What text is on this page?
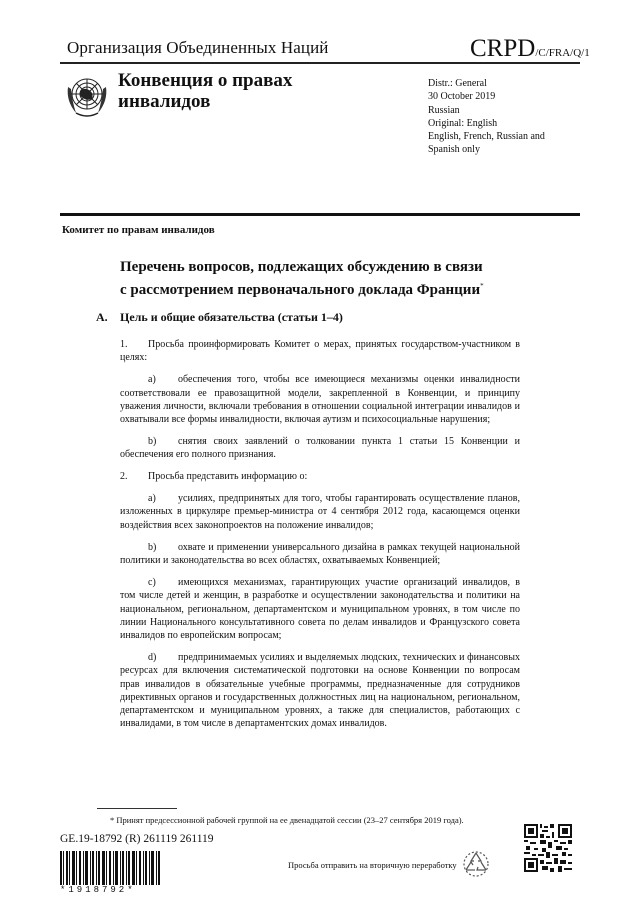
Организация Объединенных Наций	CRPD/C/FRA/Q/1
Конвенция о правах
инвалидов
Distr.: General
30 October 2019
Russian
Original: English
English, French, Russian and
Spanish only
Комитет по правам инвалидов
Перечень вопросов, подлежащих обсуждению в связи
с рассмотрением первоначального доклада Франции*
A. Цель и общие обязательства (статьи 1–4)
1. Просьба проинформировать Комитет о мерах, принятых государством-участником в целях:
a) обеспечения того, чтобы все имеющиеся механизмы оценки инвалидности соответствовали ее правозащитной модели, закрепленной в Конвенции, и принципу уважения личности, включали требования в отношении социальной интеграции инвалидов и охватывали все формы инвалидности, включая аутизм и психосоциальные нарушения;
b) снятия своих заявлений о толковании пункта 1 статьи 15 Конвенции и обеспечения его полного признания.
2. Просьба представить информацию о:
a) усилиях, предпринятых для того, чтобы гарантировать осуществление планов, изложенных в циркуляре премьер-министра от 4 сентября 2012 года, касающемся оценки воздействия всех законопроектов на положение инвалидов;
b) охвате и применении универсального дизайна в рамках текущей национальной политики и законодательства во всех областях, охватываемых Конвенцией;
c) имеющихся механизмах, гарантирующих участие организаций инвалидов, в том числе детей и женщин, в разработке и осуществлении законодательства и политики на национальном, региональном, департаментском и муниципальном уровнях, в том числе по линии Национального консультативного совета по делам инвалидов и Французского совета инвалидов по европейским вопросам;
d) предпринимаемых усилиях и выделяемых людских, технических и финансовых ресурсах для включения систематической подготовки на основе Конвенции по вопросам прав инвалидов в обязательные учебные программы, предназначенные для сотрудников директивных органов и государственных должностных лиц на национальном, региональном, департаментском и муниципальном уровнях, а также для специалистов, работающих с инвалидами, в том числе в департаментских домах инвалидов.
* Принят предсессионной рабочей группой на ее двенадцатой сессии (23–27 сентября 2019 года).
GE.19-18792 (R) 261119 261119
*1918792*
Просьба отправить на вторичную переработку
